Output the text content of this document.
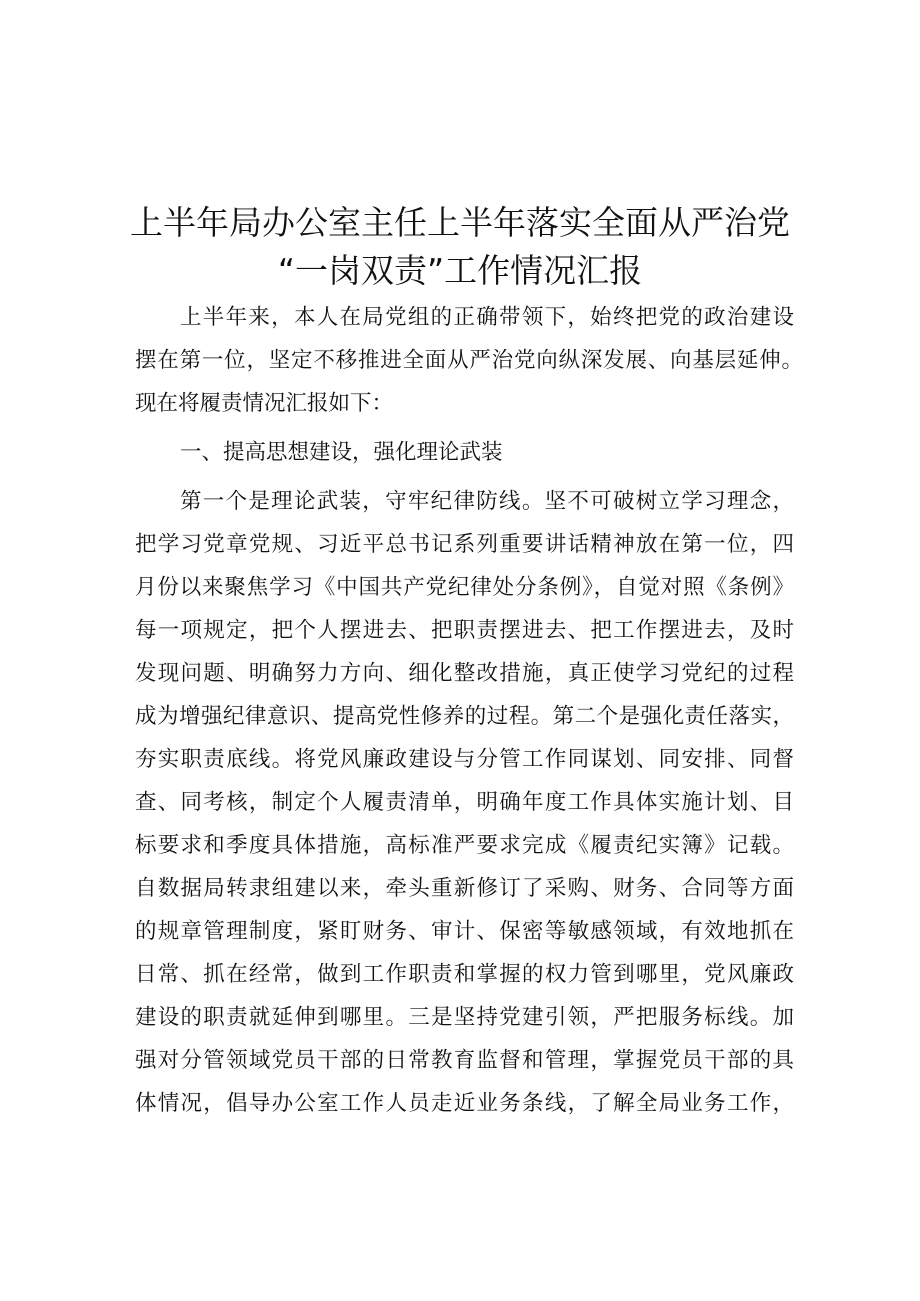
上半年局办公室主任上半年落实全面从严治党
“一岗双责”工作情况汇报
上半年来，本人在局党组的正确带领下，始终把党的政治建设
摆在第一位，坚定不移推进全面从严治党向纵深发展、向基层延伸。
现在将履责情况汇报如下：
一、提高思想建设，强化理论武装
第一个是理论武装，守牢纪律防线。坚不可破树立学习理念，
把学习党章党规、习近平总书记系列重要讲话精神放在第一位，四
月份以来聚焦学习《中国共产党纪律处分条例》，自觉对照《条例》
每一项规定，把个人摆进去、把职责摆进去、把工作摆进去，及时
发现问题、明确努力方向、细化整改措施，真正使学习党纪的过程
成为增强纪律意识、提高党性修养的过程。第二个是强化责任落实，
夯实职责底线。将党风廉政建设与分管工作同谋划、同安排、同督
查、同考核，制定个人履责清单，明确年度工作具体实施计划、目
标要求和季度具体措施，高标准严要求完成《履责纪实簿》记载。
自数据局转隶组建以来，牵头重新修订了采购、财务、合同等方面
的规章管理制度，紧盯财务、审计、保密等敏感领域，有效地抓在
日常、抓在经常，做到工作职责和掌握的权力管到哪里，党风廉政
建设的职责就延伸到哪里。三是坚持党建引领，严把服务标线。加
强对分管领域党员干部的日常教育监督和管理，掌握党员干部的具
体情况，倡导办公室工作人员走近业务条线，了解全局业务工作，
